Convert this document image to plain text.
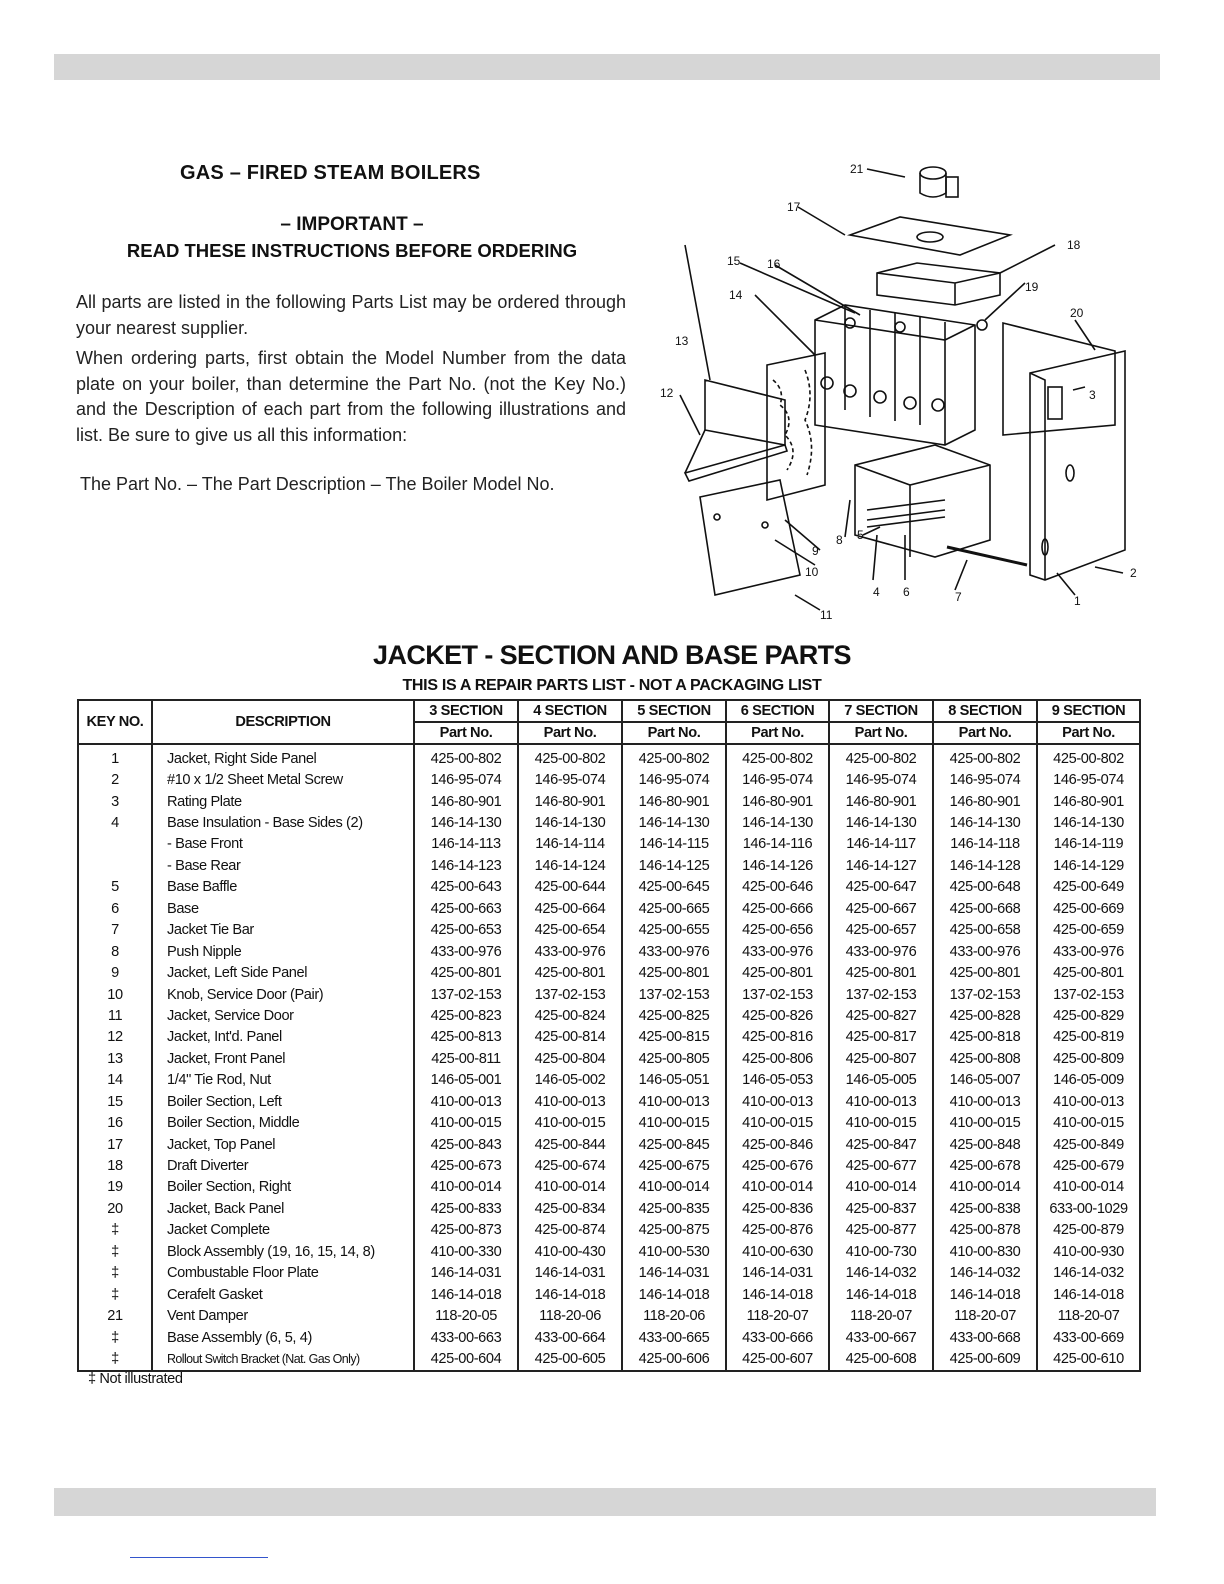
GAS – FIRED STEAM BOILERS
– IMPORTANT –
READ THESE INSTRUCTIONS BEFORE ORDERING
All parts are listed in the following Parts List may be ordered through your nearest supplier.
When ordering parts, first obtain the Model Number from the data plate on your boiler, than determine the Part No. (not the Key No.) and the Description of each part from the following illustrations and list. Be sure to give us all this information:
The Part No. – The Part Description – The Boiler Model No.
21
17
18
15 16
19
14
20
13
3
12
9
8 5
10
4 6	7	1
2
11
JACKET - SECTION AND BASE PARTS
THIS IS A REPAIR PARTS LIST - NOT A PACKAGING LIST
KEY NO.	DESCRIPTION	3 SECTION	4 SECTION	5 SECTION	6 SECTION	7 SECTION	8 SECTION	9 SECTION
		Part No.	Part No.	Part No.	Part No.	Part No.	Part No.	Part No.
1	Jacket, Right Side Panel	425-00-802	425-00-802	425-00-802	425-00-802	425-00-802	425-00-802	425-00-802
2	#10 x 1/2 Sheet Metal Screw	146-95-074	146-95-074	146-95-074	146-95-074	146-95-074	146-95-074	146-95-074
3	Rating Plate	146-80-901	146-80-901	146-80-901	146-80-901	146-80-901	146-80-901	146-80-901
4	Base Insulation - Base Sides (2)	146-14-130	146-14-130	146-14-130	146-14-130	146-14-130	146-14-130	146-14-130
	- Base Front	146-14-113	146-14-114	146-14-115	146-14-116	146-14-117	146-14-118	146-14-119
	- Base Rear	146-14-123	146-14-124	146-14-125	146-14-126	146-14-127	146-14-128	146-14-129
5	Base Baffle	425-00-643	425-00-644	425-00-645	425-00-646	425-00-647	425-00-648	425-00-649
6	Base	425-00-663	425-00-664	425-00-665	425-00-666	425-00-667	425-00-668	425-00-669
7	Jacket Tie Bar	425-00-653	425-00-654	425-00-655	425-00-656	425-00-657	425-00-658	425-00-659
8	Push Nipple	433-00-976	433-00-976	433-00-976	433-00-976	433-00-976	433-00-976	433-00-976
9	Jacket, Left Side Panel	425-00-801	425-00-801	425-00-801	425-00-801	425-00-801	425-00-801	425-00-801
10	Knob, Service Door (Pair)	137-02-153	137-02-153	137-02-153	137-02-153	137-02-153	137-02-153	137-02-153
11	Jacket, Service Door	425-00-823	425-00-824	425-00-825	425-00-826	425-00-827	425-00-828	425-00-829
12	Jacket, Int'd. Panel	425-00-813	425-00-814	425-00-815	425-00-816	425-00-817	425-00-818	425-00-819
13	Jacket, Front Panel	425-00-811	425-00-804	425-00-805	425-00-806	425-00-807	425-00-808	425-00-809
14	1/4" Tie Rod, Nut	146-05-001	146-05-002	146-05-051	146-05-053	146-05-005	146-05-007	146-05-009
15	Boiler Section, Left	410-00-013	410-00-013	410-00-013	410-00-013	410-00-013	410-00-013	410-00-013
16	Boiler Section, Middle	410-00-015	410-00-015	410-00-015	410-00-015	410-00-015	410-00-015	410-00-015
17	Jacket, Top Panel	425-00-843	425-00-844	425-00-845	425-00-846	425-00-847	425-00-848	425-00-849
18	Draft Diverter	425-00-673	425-00-674	425-00-675	425-00-676	425-00-677	425-00-678	425-00-679
19	Boiler Section, Right	410-00-014	410-00-014	410-00-014	410-00-014	410-00-014	410-00-014	410-00-014
20	Jacket, Back Panel	425-00-833	425-00-834	425-00-835	425-00-836	425-00-837	425-00-838	633-00-1029
‡	Jacket Complete	425-00-873	425-00-874	425-00-875	425-00-876	425-00-877	425-00-878	425-00-879
‡	Block Assembly (19, 16, 15, 14, 8)	410-00-330	410-00-430	410-00-530	410-00-630	410-00-730	410-00-830	410-00-930
‡	Combustable Floor Plate	146-14-031	146-14-031	146-14-031	146-14-031	146-14-032	146-14-032	146-14-032
‡	Cerafelt Gasket	146-14-018	146-14-018	146-14-018	146-14-018	146-14-018	146-14-018	146-14-018
21	Vent Damper	118-20-05	118-20-06	118-20-06	118-20-07	118-20-07	118-20-07	118-20-07
‡	Base Assembly (6, 5, 4)	433-00-663	433-00-664	433-00-665	433-00-666	433-00-667	433-00-668	433-00-669
‡	Rollout Switch Bracket (Nat. Gas Only)	425-00-604	425-00-605	425-00-606	425-00-607	425-00-608	425-00-609	425-00-610
‡ Not illustrated
